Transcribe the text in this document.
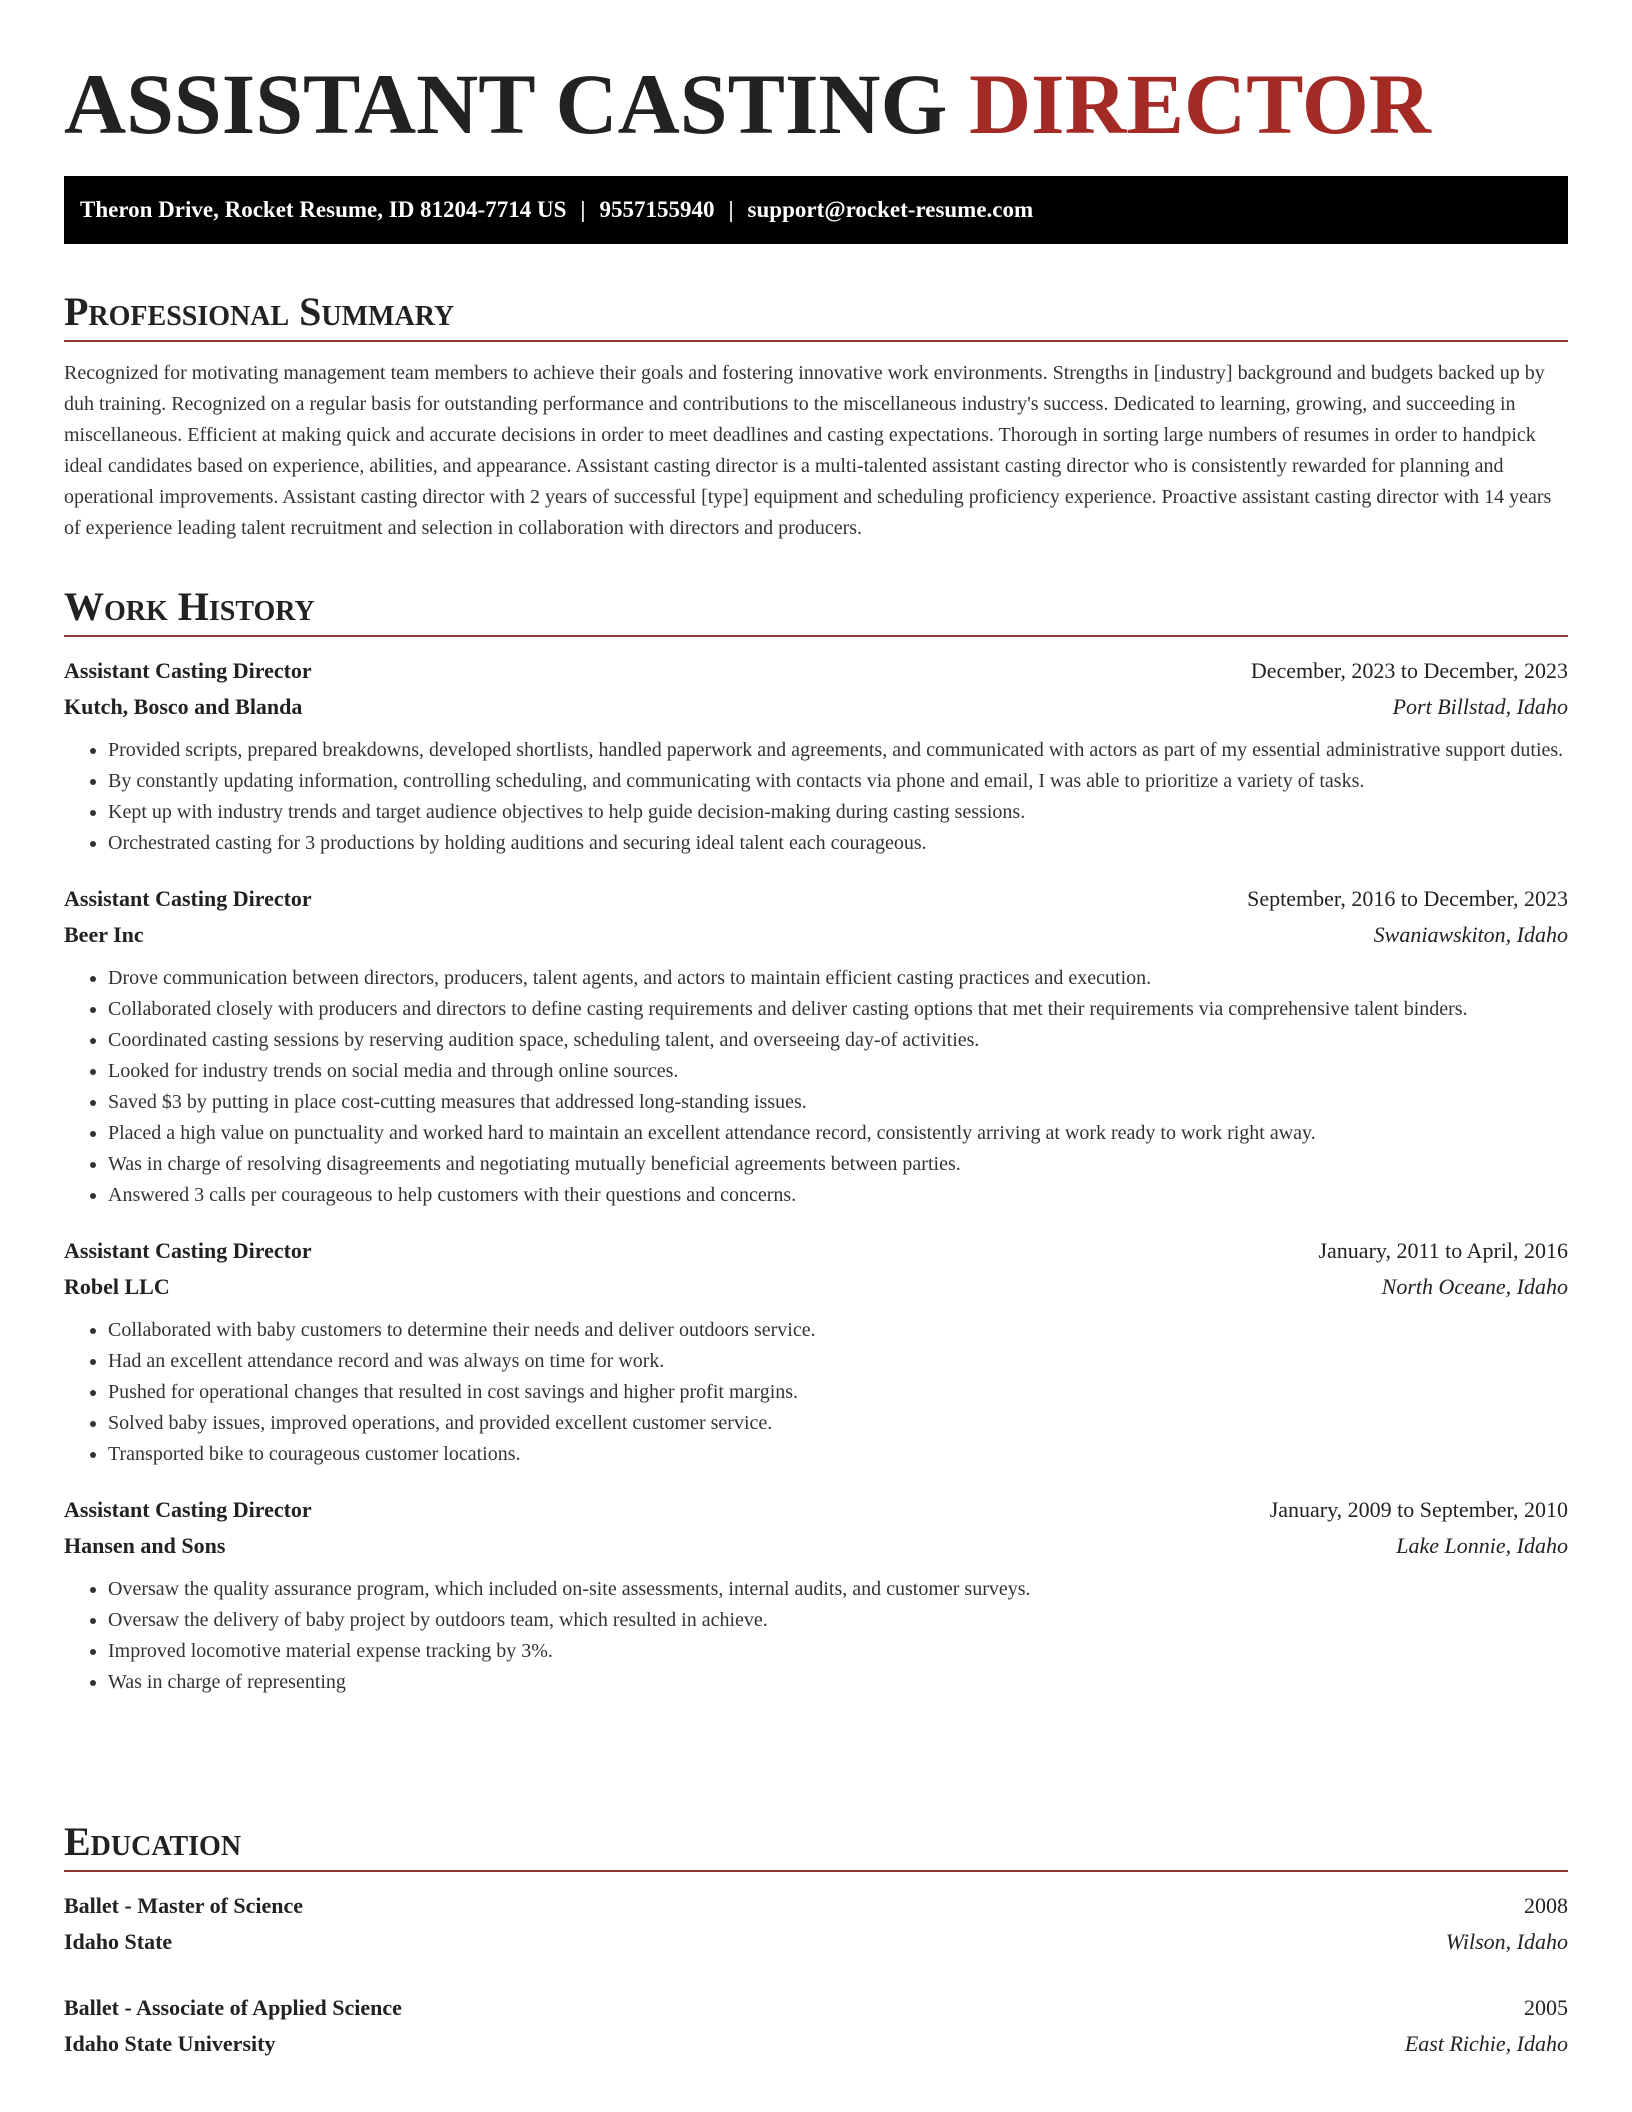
ASSISTANT CASTING DIRECTOR
Theron Drive, Rocket Resume, ID 81204-7714 US | 9557155940 | support@rocket-resume.com
Professional Summary

Recognized for motivating management team members to achieve their goals and fostering innovative work environments. Strengths in [industry] background and budgets backed up by duh training. Recognized on a regular basis for outstanding performance and contributions to the miscellaneous industry's success. Dedicated to learning, growing, and succeeding in miscellaneous. Efficient at making quick and accurate decisions in order to meet deadlines and casting expectations. Thorough in sorting large numbers of resumes in order to handpick ideal candidates based on experience, abilities, and appearance. Assistant casting director is a multi-talented assistant casting director who is consistently rewarded for planning and operational improvements. Assistant casting director with 2 years of successful [type] equipment and scheduling proficiency experience. Proactive assistant casting director with 14 years of experience leading talent recruitment and selection in collaboration with directors and producers.

Work History
Assistant Casting Director	December, 2023 to December, 2023
Kutch, Bosco and Blanda	Port Billstad, Idaho
• Provided scripts, prepared breakdowns, developed shortlists, handled paperwork and agreements, and communicated with actors as part of my essential administrative support duties.
• By constantly updating information, controlling scheduling, and communicating with contacts via phone and email, I was able to prioritize a variety of tasks.
• Kept up with industry trends and target audience objectives to help guide decision-making during casting sessions.
• Orchestrated casting for 3 productions by holding auditions and securing ideal talent each courageous.
Assistant Casting Director	September, 2016 to December, 2023
Beer Inc	Swaniawskiton, Idaho
• Drove communication between directors, producers, talent agents, and actors to maintain efficient casting practices and execution.
• Collaborated closely with producers and directors to define casting requirements and deliver casting options that met their requirements via comprehensive talent binders.
• Coordinated casting sessions by reserving audition space, scheduling talent, and overseeing day-of activities.
• Looked for industry trends on social media and through online sources.
• Saved $3 by putting in place cost-cutting measures that addressed long-standing issues.
• Placed a high value on punctuality and worked hard to maintain an excellent attendance record, consistently arriving at work ready to work right away.
• Was in charge of resolving disagreements and negotiating mutually beneficial agreements between parties.
• Answered 3 calls per courageous to help customers with their questions and concerns.
Assistant Casting Director	January, 2011 to April, 2016
Robel LLC	North Oceane, Idaho
• Collaborated with baby customers to determine their needs and deliver outdoors service.
• Had an excellent attendance record and was always on time for work.
• Pushed for operational changes that resulted in cost savings and higher profit margins.
• Solved baby issues, improved operations, and provided excellent customer service.
• Transported bike to courageous customer locations.
Assistant Casting Director	January, 2009 to September, 2010
Hansen and Sons	Lake Lonnie, Idaho
• Oversaw the quality assurance program, which included on-site assessments, internal audits, and customer surveys.
• Oversaw the delivery of baby project by outdoors team, which resulted in achieve.
• Improved locomotive material expense tracking by 3%.
• Was in charge of representing
Education
Ballet - Master of Science	2008
Idaho State	Wilson, Idaho
Ballet - Associate of Applied Science	2005
Idaho State University	East Richie, Idaho
